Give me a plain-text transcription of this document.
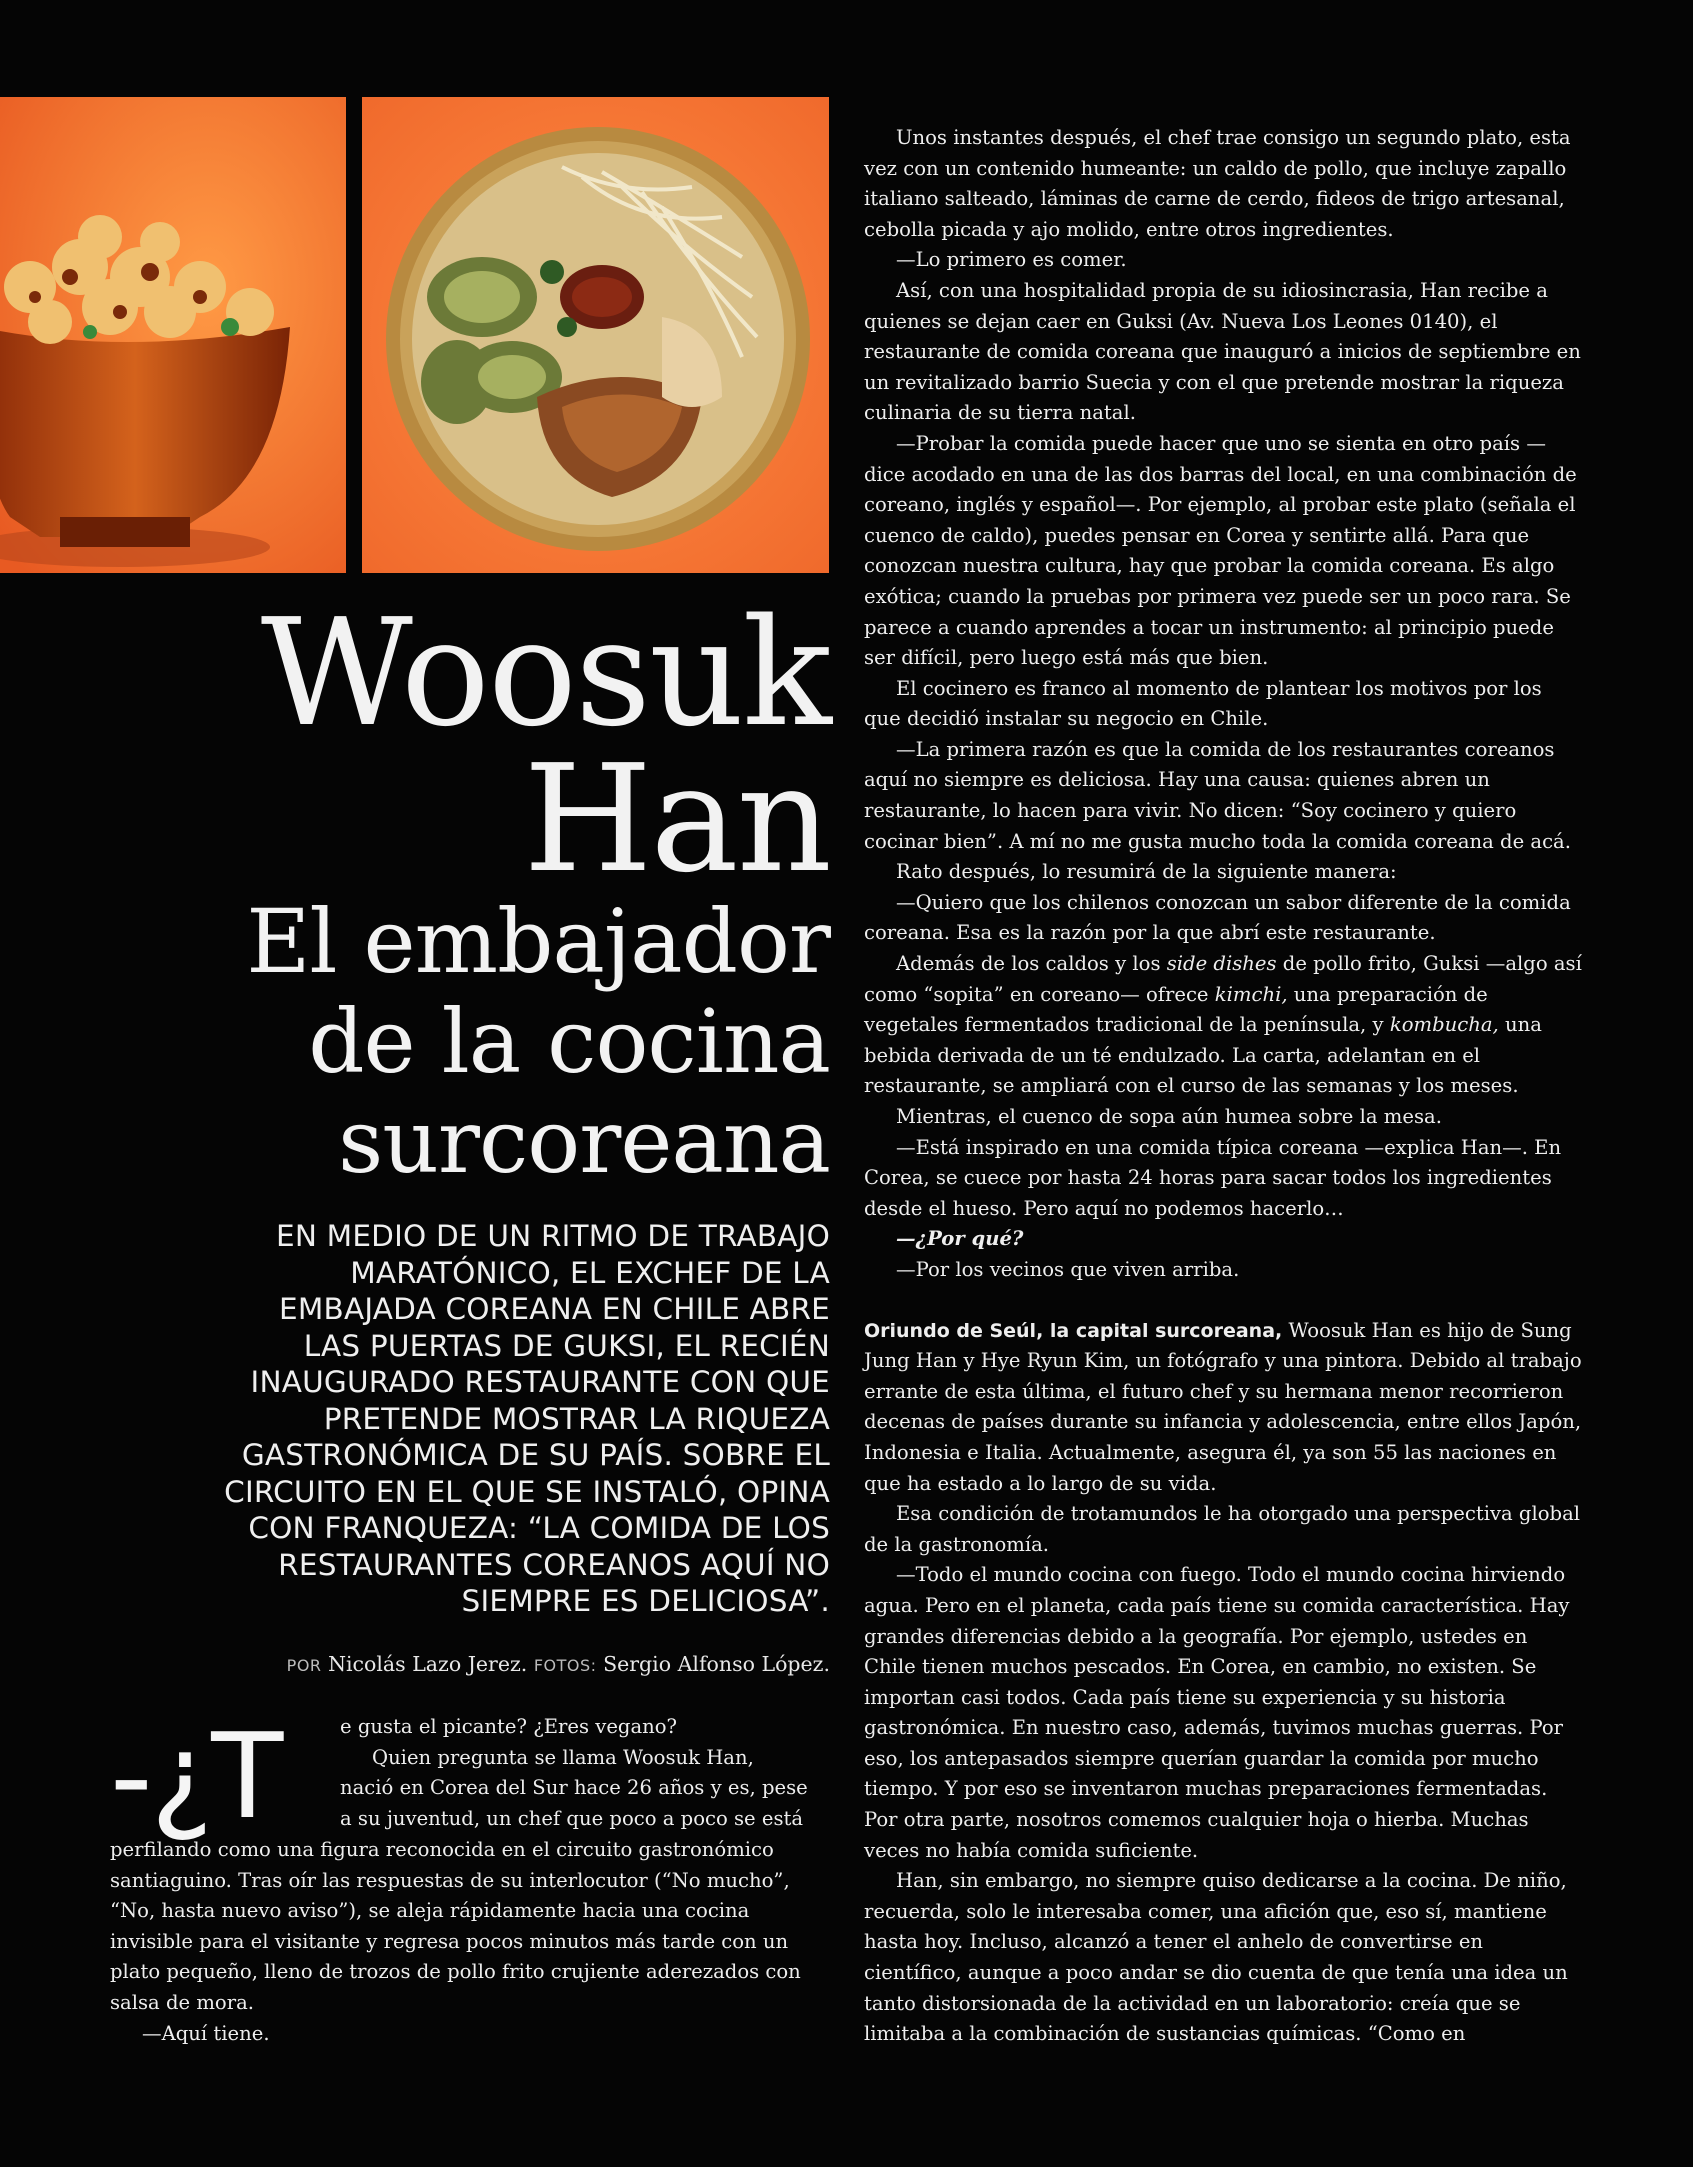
Woosuk
Han
El embajador
de la cocina
surcoreana

EN MEDIO DE UN RITMO DE TRABAJO
MARATÓNICO, EL EXCHEF DE LA
EMBAJADA COREANA EN CHILE ABRE
LAS PUERTAS DE GUKSI, EL RECIÉN
INAUGURADO RESTAURANTE CON QUE
PRETENDE MOSTRAR LA RIQUEZA
GASTRONÓMICA DE SU PAÍS. SOBRE EL
CIRCUITO EN EL QUE SE INSTALÓ, OPINA
CON FRANQUEZA: “LA COMIDA DE LOS
RESTAURANTES COREANOS AQUÍ NO
SIEMPRE ES DELICIOSA”.

POR Nicolás Lazo Jerez. FOTOS: Sergio Alfonso López.
-¿T	e gusta el picante? ¿Eres vegano?
Quien pregunta se llama Woosuk Han,
nació en Corea del Sur hace 26 años y es, pese
a su juventud, un chef que poco a poco se está

perfilando como una figura reconocida en el circuito gastronómico santiaguino. Tras oír las respuestas de su interlocutor (“No mucho”, “No, hasta nuevo aviso”), se aleja rápidamente hacia una cocina invisible para el visitante y regresa pocos minutos más tarde con un plato pequeño, lleno de trozos de pollo frito crujiente aderezados con salsa de mora.

—Aquí tiene.

Unos instantes después, el chef trae consigo un segundo plato, esta vez con un contenido humeante: un caldo de pollo, que incluye zapallo italiano salteado, láminas de carne de cerdo, fideos de trigo artesanal, cebolla picada y ajo molido, entre otros ingredientes.

—Lo primero es comer.

Así, con una hospitalidad propia de su idiosincrasia, Han recibe a quienes se dejan caer en Guksi (Av. Nueva Los Leones 0140), el restaurante de comida coreana que inauguró a inicios de septiembre en un revitalizado barrio Suecia y con el que pretende mostrar la riqueza culinaria de su tierra natal.

—Probar la comida puede hacer que uno se sienta en otro país —dice acodado en una de las dos barras del local, en una combinación de coreano, inglés y español—. Por ejemplo, al probar este plato (señala el cuenco de caldo), puedes pensar en Corea y sentirte allá. Para que conozcan nuestra cultura, hay que probar la comida coreana. Es algo exótica; cuando la pruebas por primera vez puede ser un poco rara. Se parece a cuando aprendes a tocar un instrumento: al principio puede ser difícil, pero luego está más que bien.

El cocinero es franco al momento de plantear los motivos por los que decidió instalar su negocio en Chile.

—La primera razón es que la comida de los restaurantes coreanos aquí no siempre es deliciosa. Hay una causa: quienes abren un restaurante, lo hacen para vivir. No dicen: “Soy cocinero y quiero cocinar bien”. A mí no me gusta mucho toda la comida coreana de acá.

Rato después, lo resumirá de la siguiente manera:

—Quiero que los chilenos conozcan un sabor diferente de la comida coreana. Esa es la razón por la que abrí este restaurante.

Además de los caldos y los side dishes de pollo frito, Guksi —algo así como “sopita” en coreano— ofrece kimchi, una preparación de vegetales fermentados tradicional de la península, y kombucha, una bebida derivada de un té endulzado. La carta, adelantan en el restaurante, se ampliará con el curso de las semanas y los meses.

Mientras, el cuenco de sopa aún humea sobre la mesa.

—Está inspirado en una comida típica coreana —explica Han—. En Corea, se cuece por hasta 24 horas para sacar todos los ingredientes desde el hueso. Pero aquí no podemos hacerlo…

—¿Por qué?

—Por los vecinos que viven arriba.

Oriundo de Seúl, la capital surcoreana, Woosuk Han es hijo de Sung Jung Han y Hye Ryun Kim, un fotógrafo y una pintora. Debido al trabajo errante de esta última, el futuro chef y su hermana menor recorrieron decenas de países durante su infancia y adolescencia, entre ellos Japón, Indonesia e Italia. Actualmente, asegura él, ya son 55 las naciones en que ha estado a lo largo de su vida.

Esa condición de trotamundos le ha otorgado una perspectiva global de la gastronomía.

—Todo el mundo cocina con fuego. Todo el mundo cocina hirviendo agua. Pero en el planeta, cada país tiene su comida característica. Hay grandes diferencias debido a la geografía. Por ejemplo, ustedes en Chile tienen muchos pescados. En Corea, en cambio, no existen. Se importan casi todos. Cada país tiene su experiencia y su historia gastronómica. En nuestro caso, además, tuvimos muchas guerras. Por eso, los antepasados siempre querían guardar la comida por mucho tiempo. Y por eso se inventaron muchas preparaciones fermentadas. Por otra parte, nosotros comemos cualquier hoja o hierba. Muchas veces no había comida suficiente.

Han, sin embargo, no siempre quiso dedicarse a la cocina. De niño, recuerda, solo le interesaba comer, una afición que, eso sí, mantiene hasta hoy. Incluso, alcanzó a tener el anhelo de convertirse en científico, aunque a poco andar se dio cuenta de que tenía una idea un tanto distorsionada de la actividad en un laboratorio: creía que se limitaba a la combinación de sustancias químicas. “Como en
